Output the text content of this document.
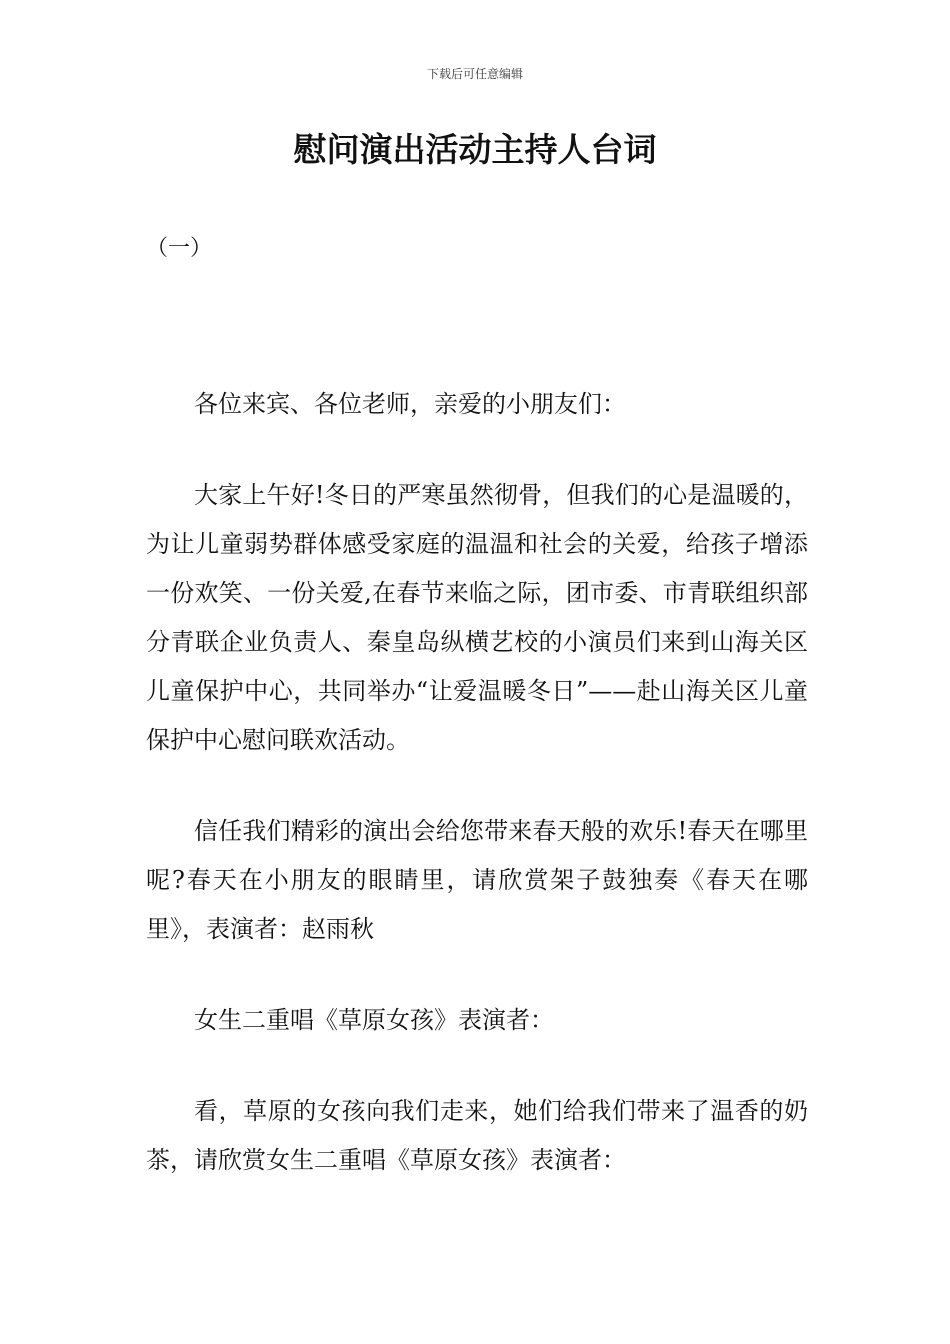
下载后可任意编辑
慰问演出活动主持人台词

（一）

各位来宾、各位老师，亲爱的小朋友们：

大家上午好!冬日的严寒虽然彻骨，但我们的心是温暖的，为让儿童弱势群体感受家庭的温温和社会的关爱，给孩子增添一份欢笑、一份关爱,在春节来临之际，团市委、市青联组织部分青联企业负责人、秦皇岛纵横艺校的小演员们来到山海关区儿童保护中心，共同举办“让爱温暖冬日”——赴山海关区儿童保护中心慰问联欢活动。

信任我们精彩的演出会给您带来春天般的欢乐!春天在哪里呢?春天在小朋友的眼睛里，请欣赏架子鼓独奏《春天在哪里》，表演者：赵雨秋

女生二重唱《草原女孩》表演者：

看，草原的女孩向我们走来，她们给我们带来了温香的奶茶，请欣赏女生二重唱《草原女孩》表演者：
